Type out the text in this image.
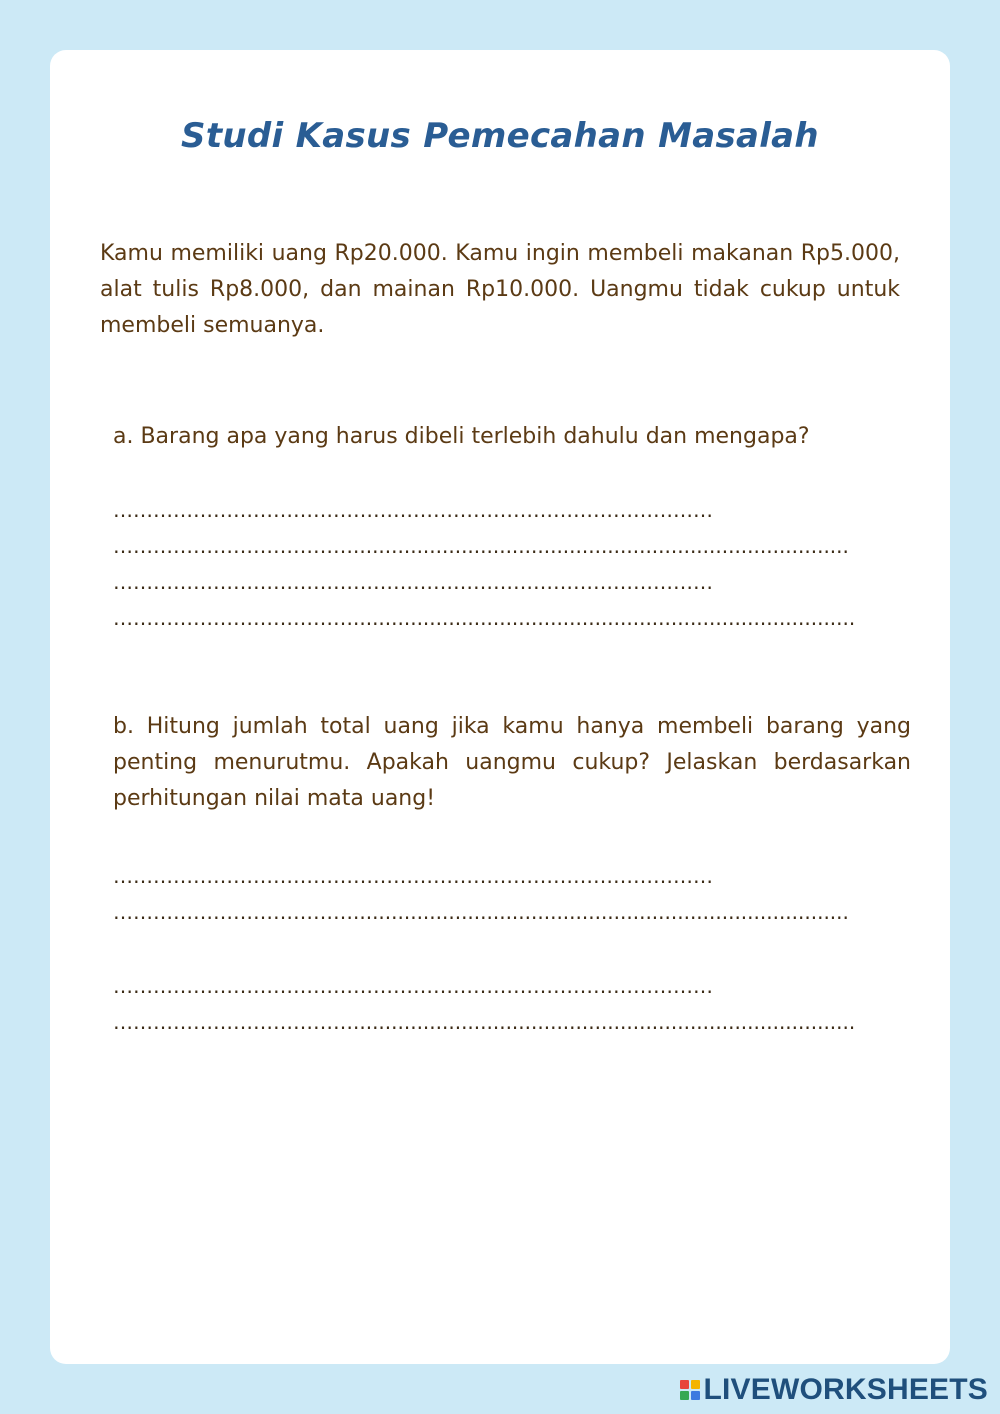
Studi Kasus Pemecahan Masalah
Kamu memiliki uang Rp20.000. Kamu ingin membeli makanan Rp5.000, alat tulis Rp8.000, dan mainan Rp10.000. Uangmu tidak cukup untuk membeli semuanya.
a. Barang apa yang harus dibeli terlebih dahulu dan mengapa?
………………………………………………………………………………
………………………………..............................................................................
………………………………………………………………………………
………………………………...............................................................................
b. Hitung jumlah total uang jika kamu hanya membeli barang yang penting menurutmu. Apakah uangmu cukup? Jelaskan berdasarkan perhitungan nilai mata uang!
………………………………………………………………………………
………………………………..............................................................................
………………………………………………………………………………
………………………………...............................................................................
LIVEWORKSHEETS
